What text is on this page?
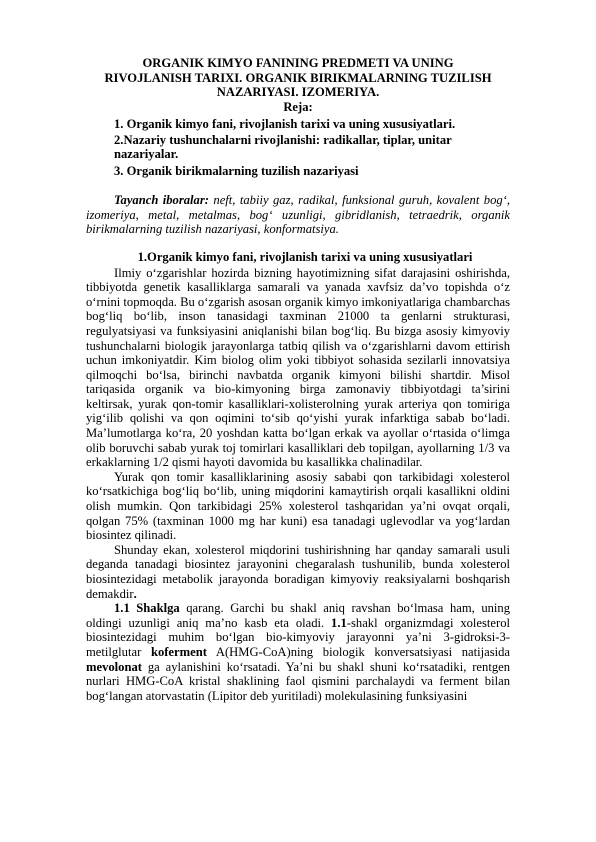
ORGANIK KIMYO FANINING PREDMETI VA UNING
RIVOJLANISH TARIXI. ORGANIK BIRIKMALARNING TUZILISH
NAZARIYASI. IZOMERIYA.

Reja:

1. Organik kimyo fani, rivojlanish tarixi va uning xususiyatlari.
2.Nazariy tushunchalarni rivojlanishi: radikallar, tiplar, unitar nazariyalar.
3. Organik birikmalarning tuzilish nazariyasi

Tayanch iboralar: neft, tabiiy gaz, radikal, funksional guruh, kovalent bog‘, izomeriya, metal, metalmas, bog‘ uzunligi, gibridlanish, tetraedrik, organik birikmalarning tuzilish nazariyasi, konformatsiya.

1.Organik kimyo fani, rivojlanish tarixi va uning xususiyatlari

Ilmiy o‘zgarishlar hozirda bizning hayotimizning sifat darajasini oshirishda, tibbiyotda genetik kasalliklarga samarali va yanada xavfsiz da’vo topishda o‘z o‘rnini topmoqda. Bu o‘zgarish asosan organik kimyo imkoniyatlariga chambarchas bog‘liq bo‘lib, inson tanasidagi taxminan 21000 ta genlarni strukturasi, regulyatsiyasi va funksiyasini aniqlanishi bilan bog‘liq. Bu bizga asosiy kimyoviy tushunchalarni biologik jarayonlarga tatbiq qilish va o‘zgarishlarni davom ettirish uchun imkoniyatdir. Kim biolog olim yoki tibbiyot sohasida sezilarli innovatsiya qilmoqchi bo‘lsa, birinchi navbatda organik kimyoni bilishi shartdir. Misol tariqasida organik va bio-kimyoning birga zamonaviy tibbiyotdagi ta’sirini keltirsak, yurak qon-tomir kasalliklari-xolisterolning yurak arteriya qon tomiriga yig‘ilib qolishi va qon oqimini to‘sib qo‘yishi yurak infarktiga sabab bo‘ladi. Ma’lumotlarga ko‘ra, 20 yoshdan katta bo‘lgan erkak va ayollar o‘rtasida o‘limga olib boruvchi sabab yurak toj tomirlari kasalliklari deb topilgan, ayollarning 1/3 va erkaklarning 1/2 qismi hayoti davomida bu kasallikka chalinadilar.

Yurak qon tomir kasalliklarining asosiy sababi qon tarkibidagi xolesterol ko‘rsatkichiga bog‘liq bo‘lib, uning miqdorini kamaytirish orqali kasallikni oldini olish mumkin. Qon tarkibidagi 25% xolesterol tashqaridan ya’ni ovqat orqali, qolgan 75% (taxminan 1000 mg har kuni) esa tanadagi uglevodlar va yog‘lardan biosintez qilinadi.

Shunday ekan, xolesterol miqdorini tushirishning har qanday samarali usuli deganda tanadagi biosintez jarayonini chegaralash tushunilib, bunda xolesterol biosintezidagi metabolik jarayonda boradigan kimyoviy reaksiyalarni boshqarish demakdir.

1.1 Shaklga qarang. Garchi bu shakl aniq ravshan bo‘lmasa ham, uning oldingi uzunligi aniq ma’no kasb eta oladi. 1.1-shakl organizmdagi xolesterol biosintezidagi muhim bo‘lgan bio-kimyoviy jarayonni ya’ni 3-gidroksi-3-metilglutar koferment A(HMG-CoA)ning biologik konversatsiyasi natijasida mevolonat ga aylanishini ko‘rsatadi. Ya’ni bu shakl shuni ko‘rsatadiki, rentgen nurlari HMG-CoA kristal shaklining faol qismini parchalaydi va ferment bilan bog‘langan atorvastatin (Lipitor deb yuritiladi) molekulasining funksiyasini
